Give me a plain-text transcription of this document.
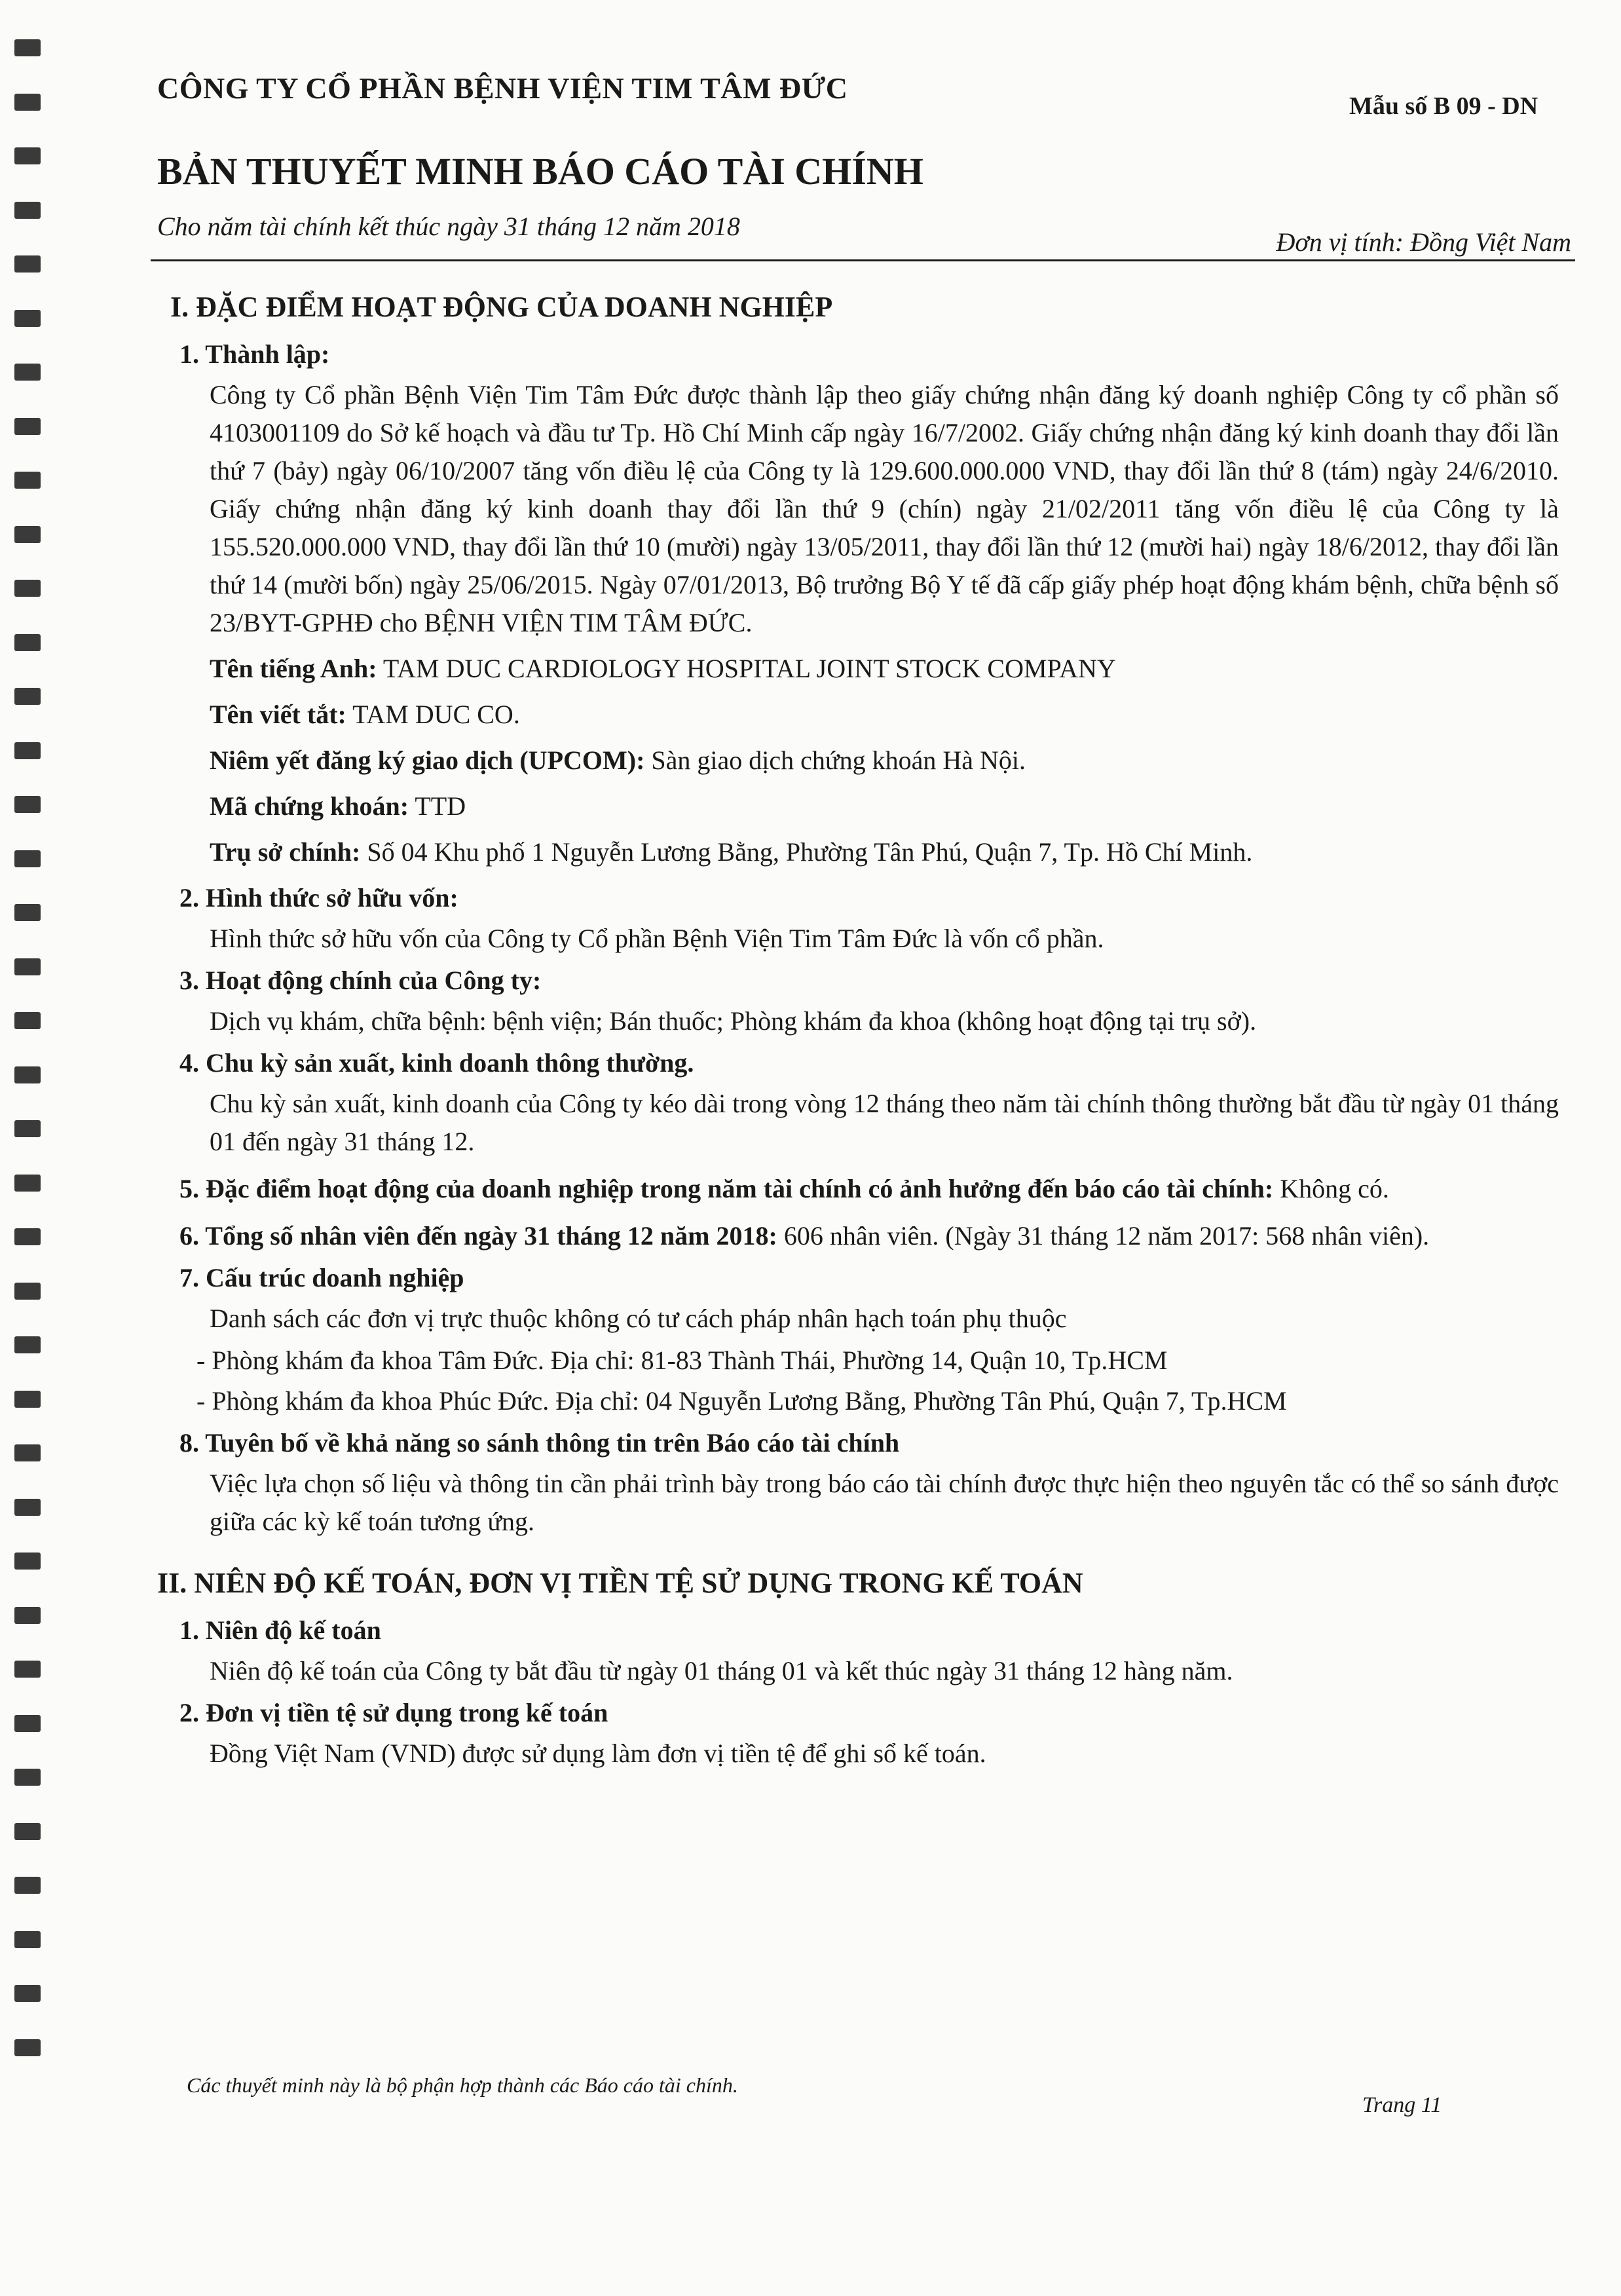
CÔNG TY CỔ PHẦN BỆNH VIỆN TIM TÂM ĐỨC
Mẫu số B 09 - DN
BẢN THUYẾT MINH BÁO CÁO TÀI CHÍNH
Cho năm tài chính kết thúc ngày 31 tháng 12 năm 2018
Đơn vị tính: Đồng Việt Nam
I. ĐẶC ĐIỂM HOẠT ĐỘNG CỦA DOANH NGHIỆP
1. Thành lập:
Công ty Cổ phần Bệnh Viện Tim Tâm Đức được thành lập theo giấy chứng nhận đăng ký doanh nghiệp Công ty cổ phần số 4103001109 do Sở kế hoạch và đầu tư Tp. Hồ Chí Minh cấp ngày 16/7/2002. Giấy chứng nhận đăng ký kinh doanh thay đổi lần thứ 7 (bảy) ngày 06/10/2007 tăng vốn điều lệ của Công ty là 129.600.000.000 VND, thay đổi lần thứ 8 (tám) ngày 24/6/2010. Giấy chứng nhận đăng ký kinh doanh thay đổi lần thứ 9 (chín) ngày 21/02/2011 tăng vốn điều lệ của Công ty là 155.520.000.000 VND, thay đổi lần thứ 10 (mười) ngày 13/05/2011, thay đổi lần thứ 12 (mười hai) ngày 18/6/2012, thay đổi lần thứ 14 (mười bốn) ngày 25/06/2015. Ngày 07/01/2013, Bộ trưởng Bộ Y tế đã cấp giấy phép hoạt động khám bệnh, chữa bệnh số 23/BYT-GPHĐ cho BỆNH VIỆN TIM TÂM ĐỨC.
Tên tiếng Anh: TAM DUC CARDIOLOGY HOSPITAL JOINT STOCK COMPANY
Tên viết tắt: TAM DUC CO.
Niêm yết đăng ký giao dịch (UPCOM): Sàn giao dịch chứng khoán Hà Nội.
Mã chứng khoán: TTD
Trụ sở chính: Số 04 Khu phố 1 Nguyễn Lương Bằng, Phường Tân Phú, Quận 7, Tp. Hồ Chí Minh.
2. Hình thức sở hữu vốn:
Hình thức sở hữu vốn của Công ty Cổ phần Bệnh Viện Tim Tâm Đức là vốn cổ phần.
3. Hoạt động chính của Công ty:
Dịch vụ khám, chữa bệnh: bệnh viện; Bán thuốc; Phòng khám đa khoa (không hoạt động tại trụ sở).
4. Chu kỳ sản xuất, kinh doanh thông thường.
Chu kỳ sản xuất, kinh doanh của Công ty kéo dài trong vòng 12 tháng theo năm tài chính thông thường bắt đầu từ ngày 01 tháng 01 đến ngày 31 tháng 12.
5. Đặc điểm hoạt động của doanh nghiệp trong năm tài chính có ảnh hưởng đến báo cáo tài chính: Không có.
6. Tổng số nhân viên đến ngày 31 tháng 12 năm 2018: 606 nhân viên. (Ngày 31 tháng 12 năm 2017: 568 nhân viên).
7. Cấu trúc doanh nghiệp
Danh sách các đơn vị trực thuộc không có tư cách pháp nhân hạch toán phụ thuộc
- Phòng khám đa khoa Tâm Đức. Địa chỉ: 81-83 Thành Thái, Phường 14, Quận 10, Tp.HCM
- Phòng khám đa khoa Phúc Đức. Địa chỉ: 04 Nguyễn Lương Bằng, Phường Tân Phú, Quận 7, Tp.HCM
8. Tuyên bố về khả năng so sánh thông tin trên Báo cáo tài chính
Việc lựa chọn số liệu và thông tin cần phải trình bày trong báo cáo tài chính được thực hiện theo nguyên tắc có thể so sánh được giữa các kỳ kế toán tương ứng.
II. NIÊN ĐỘ KẾ TOÁN, ĐƠN VỊ TIỀN TỆ SỬ DỤNG TRONG KẾ TOÁN
1. Niên độ kế toán
Niên độ kế toán của Công ty bắt đầu từ ngày 01 tháng 01 và kết thúc ngày 31 tháng 12 hàng năm.
2. Đơn vị tiền tệ sử dụng trong kế toán
Đồng Việt Nam (VND) được sử dụng làm đơn vị tiền tệ để ghi sổ kế toán.
Các thuyết minh này là bộ phận hợp thành các Báo cáo tài chính.
Trang 11
